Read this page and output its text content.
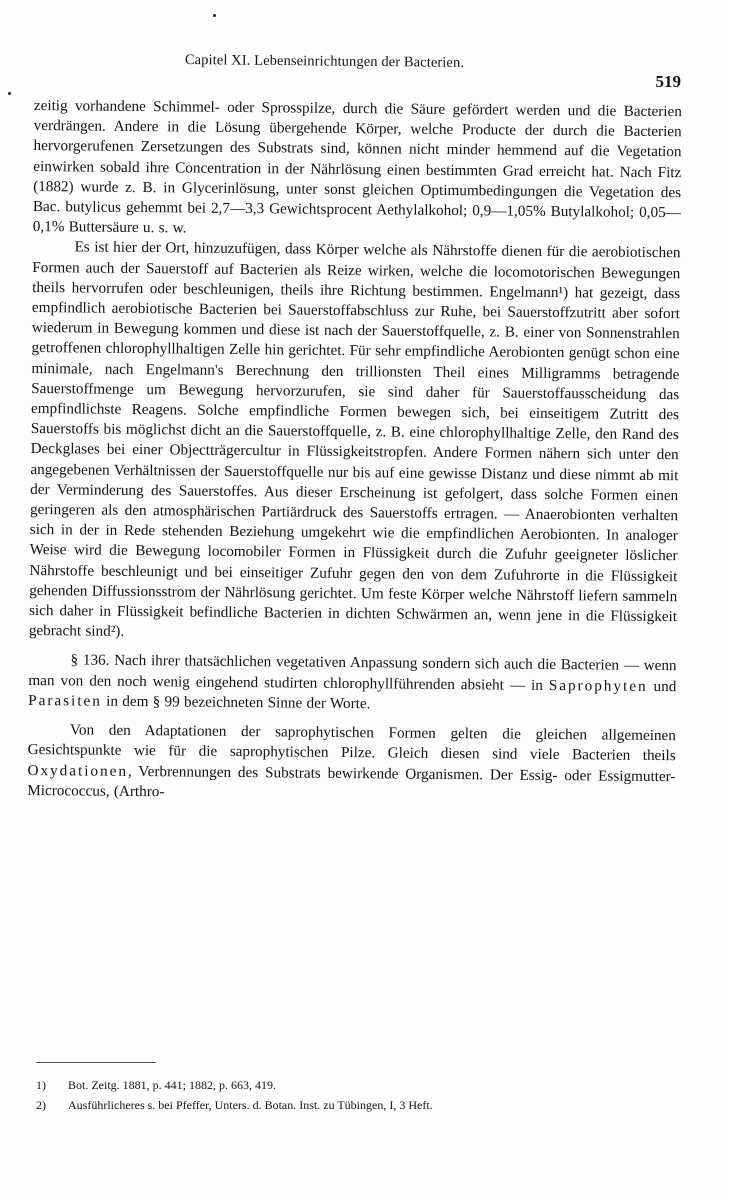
Capitel XI. Lebenseinrichtungen der Bacterien.
519

zeitig vorhandene Schimmel- oder Sprosspilze, durch die Säure gefördert werden und die Bacterien verdrängen. Andere in die Lösung übergehende Körper, welche Producte der durch die Bacterien hervorgerufenen Zersetzungen des Substrats sind, können nicht minder hemmend auf die Vegetation einwirken sobald ihre Concentration in der Nährlösung einen bestimmten Grad erreicht hat. Nach Fitz (1882) wurde z. B. in Glycerinlösung, unter sonst gleichen Optimumbedingungen die Vegetation des Bac. butylicus gehemmt bei 2,7—3,3 Gewichtsprocent Aethylalkohol; 0,9—1,05% Butylalkohol; 0,05—0,1% Buttersäure u. s. w.

Es ist hier der Ort, hinzuzufügen, dass Körper welche als Nährstoffe dienen für die aerobiotischen Formen auch der Sauerstoff auf Bacterien als Reize wirken, welche die locomotorischen Bewegungen theils hervorrufen oder beschleunigen, theils ihre Richtung bestimmen. Engelmann¹) hat gezeigt, dass empfindlich aerobiotische Bacterien bei Sauerstoffabschluss zur Ruhe, bei Sauerstoffzutritt aber sofort wiederum in Bewegung kommen und diese ist nach der Sauerstoffquelle, z. B. einer von Sonnenstrahlen getroffenen chlorophyllhaltigen Zelle hin gerichtet. Für sehr empfindliche Aerobionten genügt schon eine minimale, nach Engelmann's Berechnung den trillionsten Theil eines Milligramms betragende Sauerstoffmenge um Bewegung hervorzurufen, sie sind daher für Sauerstoffausscheidung das empfindlichste Reagens. Solche empfindliche Formen bewegen sich, bei einseitigem Zutritt des Sauerstoffs bis möglichst dicht an die Sauerstoffquelle, z. B. eine chlorophyllhaltige Zelle, den Rand des Deckglases bei einer Objectträgercultur in Flüssigkeitstropfen. Andere Formen nähern sich unter den angegebenen Verhältnissen der Sauerstoffquelle nur bis auf eine gewisse Distanz und diese nimmt ab mit der Verminderung des Sauerstoffes. Aus dieser Erscheinung ist gefolgert, dass solche Formen einen geringeren als den atmosphärischen Partiärdruck des Sauerstoffs ertragen. — Anaerobionten verhalten sich in der in Rede stehenden Beziehung umgekehrt wie die empfindlichen Aerobionten. In analoger Weise wird die Bewegung locomobiler Formen in Flüssigkeit durch die Zufuhr geeigneter löslicher Nährstoffe beschleunigt und bei einseitiger Zufuhr gegen den von dem Zufuhrorte in die Flüssigkeit gehenden Diffussionsstrom der Nährlösung gerichtet. Um feste Körper welche Nährstoff liefern sammeln sich daher in Flüssigkeit befindliche Bacterien in dichten Schwärmen an, wenn jene in die Flüssigkeit gebracht sind²).

§ 136. Nach ihrer thatsächlichen vegetativen Anpassung sondern sich auch die Bacterien — wenn man von den noch wenig eingehend studirten chlorophyllführenden absieht — in Saprophyten und Parasiten in dem § 99 bezeichneten Sinne der Worte.

Von den Adaptationen der saprophytischen Formen gelten die gleichen allgemeinen Gesichtspunkte wie für die saprophytischen Pilze. Gleich diesen sind viele Bacterien theils Oxydationen, Verbrennungen des Substrats bewirkende Organismen. Der Essig- oder Essigmutter-Micrococcus, (Arthro-

1) Bot. Zeitg. 1881, p. 441; 1882, p. 663, 419.
2) Ausführlicheres s. bei Pfeffer, Unters. d. Botan. Inst. zu Tübingen, I, 3 Heft.
